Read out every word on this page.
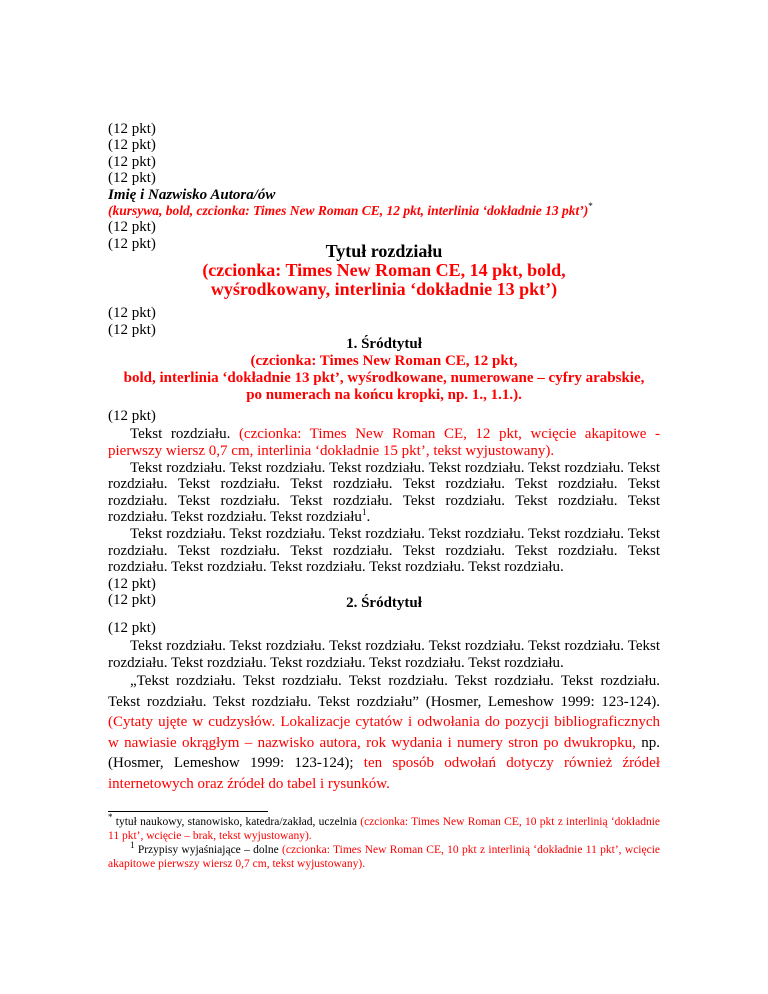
(12 pkt)
(12 pkt)
(12 pkt)
(12 pkt)
Imię i Nazwisko Autora/ów
(kursywa, bold, czcionka: Times New Roman CE, 12 pkt, interlinia ‘dokładnie 13 pkt’)*
(12 pkt)
(12 pkt)	Tytuł rozdziału
(czcionka: Times New Roman CE, 14 pkt, bold,
wyśrodkowany, interlinia ‘dokładnie 13 pkt’)
(12 pkt)
(12 pkt)
1. Śródtytuł
(czcionka: Times New Roman CE, 12 pkt,
bold, interlinia ‘dokładnie 13 pkt’, wyśrodkowane, numerowane – cyfry arabskie,
po numerach na końcu kropki, np. 1., 1.1.).
(12 pkt)

Tekst rozdziału. (czcionka: Times New Roman CE, 12 pkt, wcięcie akapitowe - pierwszy wiersz 0,7 cm, interlinia ‘dokładnie 15 pkt’, tekst wyjustowany).

Tekst rozdziału. Tekst rozdziału. Tekst rozdziału. Tekst rozdziału. Tekst rozdziału. Tekst rozdziału. Tekst rozdziału. Tekst rozdziału. Tekst rozdziału. Tekst rozdziału. Tekst rozdziału. Tekst rozdziału. Tekst rozdziału. Tekst rozdziału. Tekst rozdziału. Tekst rozdziału. Tekst rozdziału. Tekst rozdziału$^1$.

Tekst rozdziału. Tekst rozdziału. Tekst rozdziału. Tekst rozdziału. Tekst rozdziału. Tekst rozdziału. Tekst rozdziału. Tekst rozdziału. Tekst rozdziału. Tekst rozdziału. Tekst rozdziału. Tekst rozdziału. Tekst rozdziału. Tekst rozdziału. Tekst rozdziału.

(12 pkt)
(12 pkt)	2. Śródtytuł
(12 pkt)

Tekst rozdziału. Tekst rozdziału. Tekst rozdziału. Tekst rozdziału. Tekst rozdziału. Tekst rozdziału. Tekst rozdziału. Tekst rozdziału. Tekst rozdziału. Tekst rozdziału.

„Tekst rozdziału. Tekst rozdziału. Tekst rozdziału. Tekst rozdziału. Tekst rozdziału. Tekst rozdziału. Tekst rozdziału. Tekst rozdziału” (Hosmer, Lemeshow 1999: 123-124). (Cytaty ujęte w cudzysłów. Lokalizacje cytatów i odwołania do pozycji bibliograficznych w nawiasie okrągłym – nazwisko autora, rok wydania i numery stron po dwukropku, np. (Hosmer, Lemeshow 1999: 123-124); ten sposób odwołań dotyczy również źródeł internetowych oraz źródeł do tabel i rysunków.

* tytuł naukowy, stanowisko, katedra/zakład, uczelnia (czcionka: Times New Roman CE, 10 pkt z interlinią ‘dokładnie 11 pkt’, wcięcie – brak, tekst wyjustowany).

$^1$ Przypisy wyjaśniające – dolne (czcionka: Times New Roman CE, 10 pkt z interlinią ‘dokładnie 11 pkt’, wcięcie akapitowe pierwszy wiersz 0,7 cm, tekst wyjustowany).
